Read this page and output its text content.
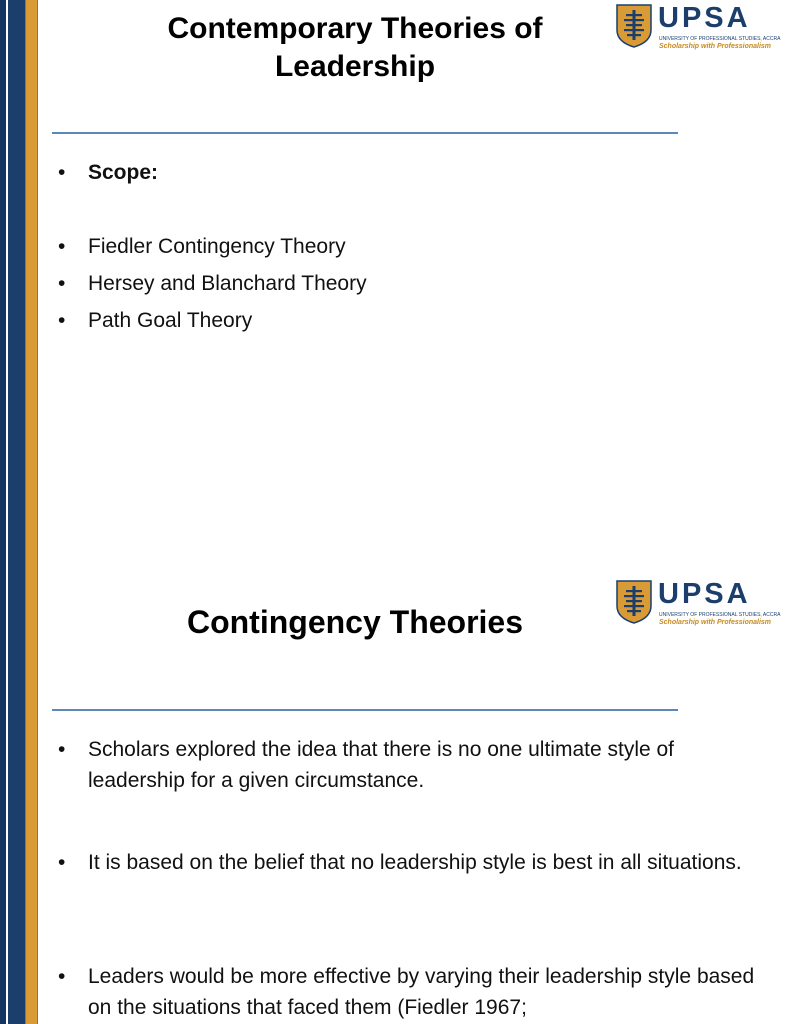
Contemporary Theories of Leadership
UPSA
UNIVERSITY OF PROFESSIONAL STUDIES, ACCRA
Scholarship with Professionalism
•	Scope:
•	Fiedler Contingency Theory
•	Hersey and Blanchard Theory
•	Path Goal Theory
Contingency Theories
UPSA
UNIVERSITY OF PROFESSIONAL STUDIES, ACCRA
Scholarship with Professionalism
•	Scholars explored the idea that there is no one ultimate style of leadership for a given circumstance.
•	It is based on the belief that no leadership style is best in all situations.
•	Leaders would be more effective by varying their leadership style based on the situations that faced them (Fiedler 1967;
